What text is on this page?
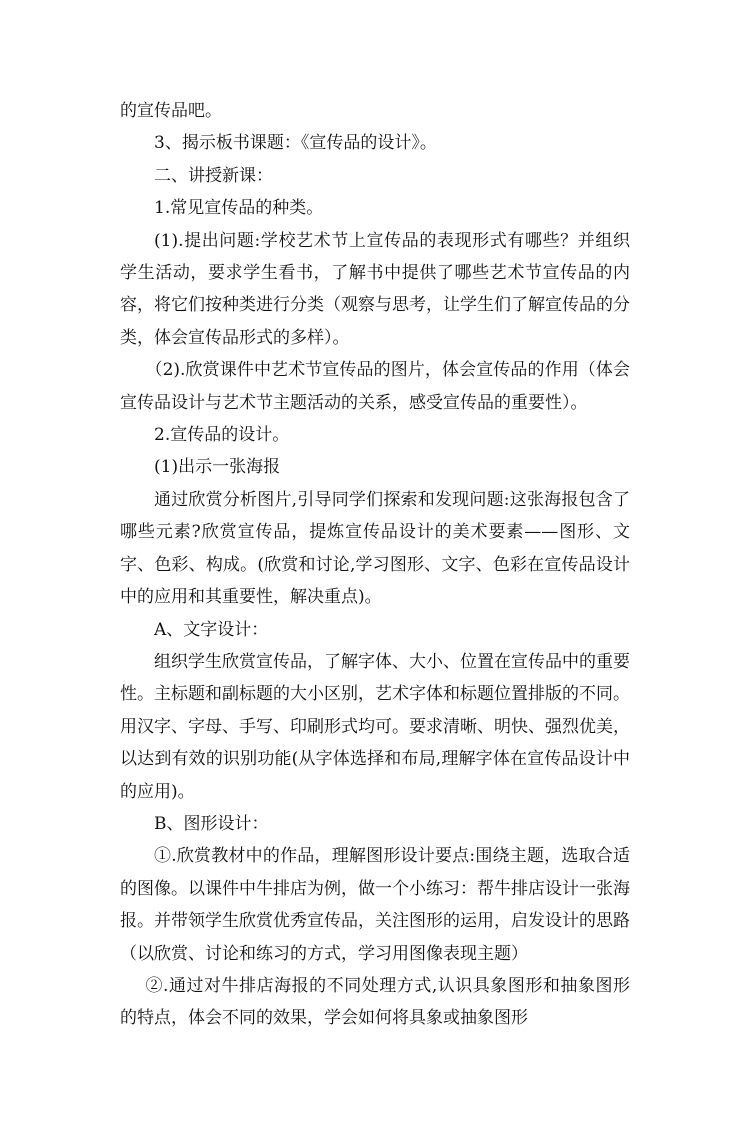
的宣传品吧。

3、揭示板书课题：《宣传品的设计》。

二、讲授新课：

1.常见宣传品的种类。

(1).提出问题:学校艺术节上宣传品的表现形式有哪些？并组织学生活动，要求学生看书，了解书中提供了哪些艺术节宣传品的内容，将它们按种类进行分类（观察与思考，让学生们了解宣传品的分类，体会宣传品形式的多样）。

（2).欣赏课件中艺术节宣传品的图片，体会宣传品的作用（体会宣传品设计与艺术节主题活动的关系，感受宣传品的重要性）。

2.宣传品的设计。

(1)出示一张海报

通过欣赏分析图片,引导同学们探索和发现问题:这张海报包含了哪些元素?欣赏宣传品，提炼宣传品设计的美术要素——图形、文字、色彩、构成。(欣赏和讨论,学习图形、文字、色彩在宣传品设计中的应用和其重要性，解决重点)。

A、文字设计：

组织学生欣赏宣传品，了解字体、大小、位置在宣传品中的重要性。主标题和副标题的大小区别，艺术字体和标题位置排版的不同。用汉字、字母、手写、印刷形式均可。要求清晰、明快、强烈优美，以达到有效的识别功能(从字体选择和布局,理解字体在宣传品设计中的应用)。

B、图形设计：

①.欣赏教材中的作品，理解图形设计要点:围绕主题，选取合适的图像。以课件中牛排店为例，做一个小练习：帮牛排店设计一张海报。并带领学生欣赏优秀宣传品，关注图形的运用，启发设计的思路（以欣赏、讨论和练习的方式，学习用图像表现主题）

②.通过对牛排店海报的不同处理方式,认识具象图形和抽象图形的特点，体会不同的效果，学会如何将具象或抽象图形
